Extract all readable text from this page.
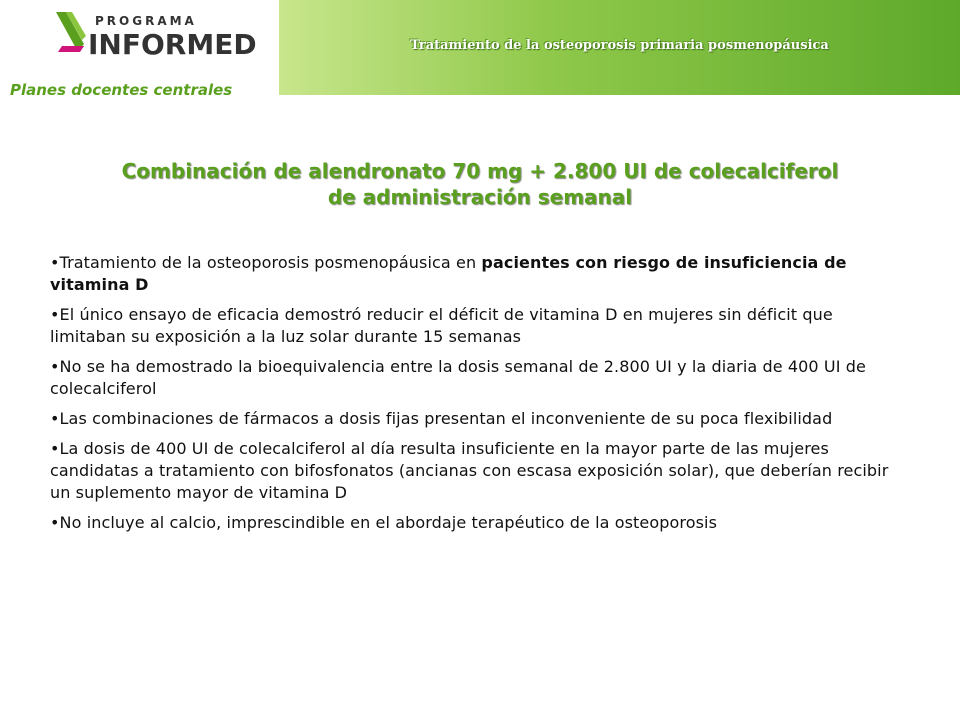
PROGRAMA
INFORMED
Planes docentes centrales
Tratamiento de la osteoporosis primaria posmenopáusica
Combinación de alendronato 70 mg + 2.800 UI de colecalciferol
de administración semanal
• Tratamiento de la osteoporosis posmenopáusica en pacientes con riesgo de insuficiencia de vitamina D
• El único ensayo de eficacia demostró reducir el déficit de vitamina D en mujeres sin déficit que limitaban su exposición a la luz solar durante 15 semanas
• No se ha demostrado la bioequivalencia entre la dosis semanal de 2.800 UI y la diaria de 400 UI de colecalciferol
• Las combinaciones de fármacos a dosis fijas presentan el inconveniente de su poca flexibilidad
• La dosis de 400 UI de colecalciferol al día resulta insuficiente en la mayor parte de las mujeres candidatas a tratamiento con bifosfonatos (ancianas con escasa exposición solar), que deberían recibir un suplemento mayor de vitamina D
• No incluye al calcio, imprescindible en el abordaje terapéutico de la osteoporosis
